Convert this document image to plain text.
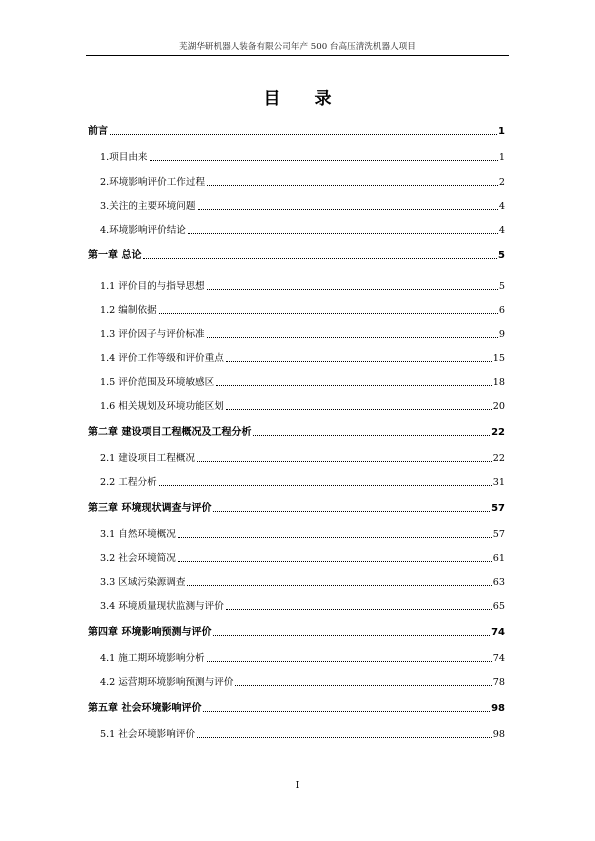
芜湖华研机器人装备有限公司年产 500 台高压清洗机器人项目
目 录
前言	1
1.项目由来	1
2.环境影响评价工作过程	2
3.关注的主要环境问题	4
4.环境影响评价结论	4
第一章 总论	5
1.1 评价目的与指导思想	5
1.2 编制依据	6
1.3 评价因子与评价标准	9
1.4 评价工作等级和评价重点	15
1.5 评价范围及环境敏感区	18
1.6 相关规划及环境功能区划	20
第二章 建设项目工程概况及工程分析	22
2.1 建设项目工程概况	22
2.2 工程分析	31
第三章 环境现状调查与评价	57
3.1 自然环境概况	57
3.2 社会环境简况	61
3.3 区域污染源调查	63
3.4 环境质量现状监测与评价	65
第四章 环境影响预测与评价	74
4.1 施工期环境影响分析	74
4.2 运营期环境影响预测与评价	78
第五章 社会环境影响评价	98
5.1 社会环境影响评价	98
I
